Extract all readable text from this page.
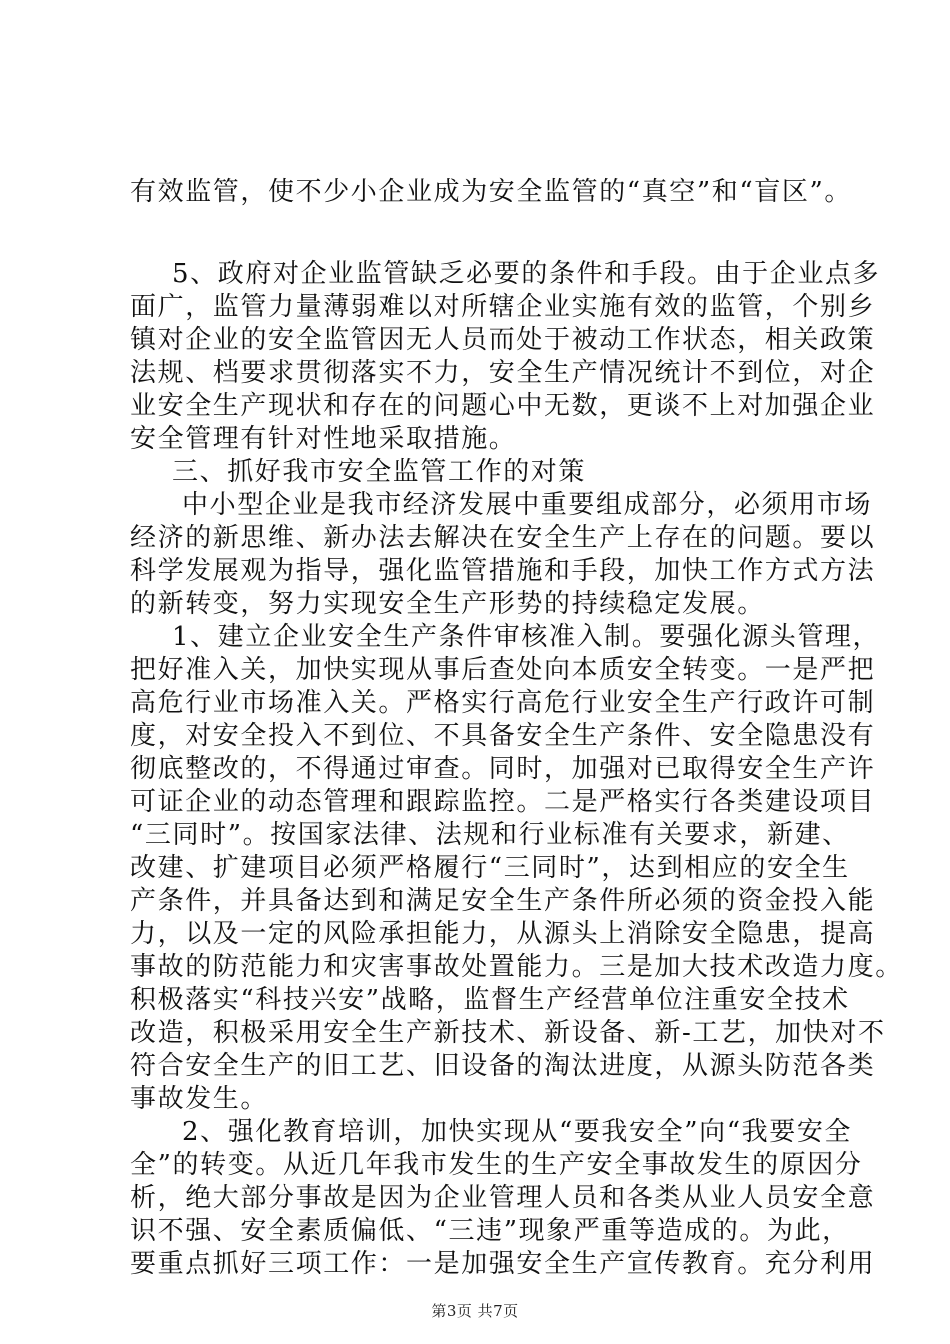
有效监管，使不少小企业成为安全监管的“真空”和“盲区”。
5、政府对企业监管缺乏必要的条件和手段。由于企业点多
面广，监管力量薄弱难以对所辖企业实施有效的监管，个别乡
镇对企业的安全监管因无人员而处于被动工作状态，相关政策
法规、档要求贯彻落实不力，安全生产情况统计不到位，对企
业安全生产现状和存在的问题心中无数，更谈不上对加强企业
安全管理有针对性地采取措施。
三、抓好我市安全监管工作的对策
中小型企业是我市经济发展中重要组成部分，必须用市场
经济的新思维、新办法去解决在安全生产上存在的问题。要以
科学发展观为指导，强化监管措施和手段，加快工作方式方法
的新转变，努力实现安全生产形势的持续稳定发展。
1、建立企业安全生产条件审核准入制。要强化源头管理，
把好准入关，加快实现从事后查处向本质安全转变。一是严把
高危行业市场准入关。严格实行高危行业安全生产行政许可制
度，对安全投入不到位、不具备安全生产条件、安全隐患没有
彻底整改的，不得通过审查。同时，加强对已取得安全生产许
可证企业的动态管理和跟踪监控。二是严格实行各类建设项目
“三同时”。按国家法律、法规和行业标准有关要求，新建、
改建、扩建项目必须严格履行“三同时”，达到相应的安全生
产条件，并具备达到和满足安全生产条件所必须的资金投入能
力，以及一定的风险承担能力，从源头上消除安全隐患，提高
事故的防范能力和灾害事故处置能力。三是加大技术改造力度。
积极落实“科技兴安”战略，监督生产经营单位注重安全技术
改造，积极采用安全生产新技术、新设备、新-工艺，加快对不
符合安全生产的旧工艺、旧设备的淘汰进度，从源头防范各类
事故发生。
2、强化教育培训，加快实现从“要我安全”向“我要安全
全”的转变。从近几年我市发生的生产安全事故发生的原因分
析，绝大部分事故是因为企业管理人员和各类从业人员安全意
识不强、安全素质偏低、“三违”现象严重等造成的。为此，
要重点抓好三项工作：一是加强安全生产宣传教育。充分利用
第3页 共7页
